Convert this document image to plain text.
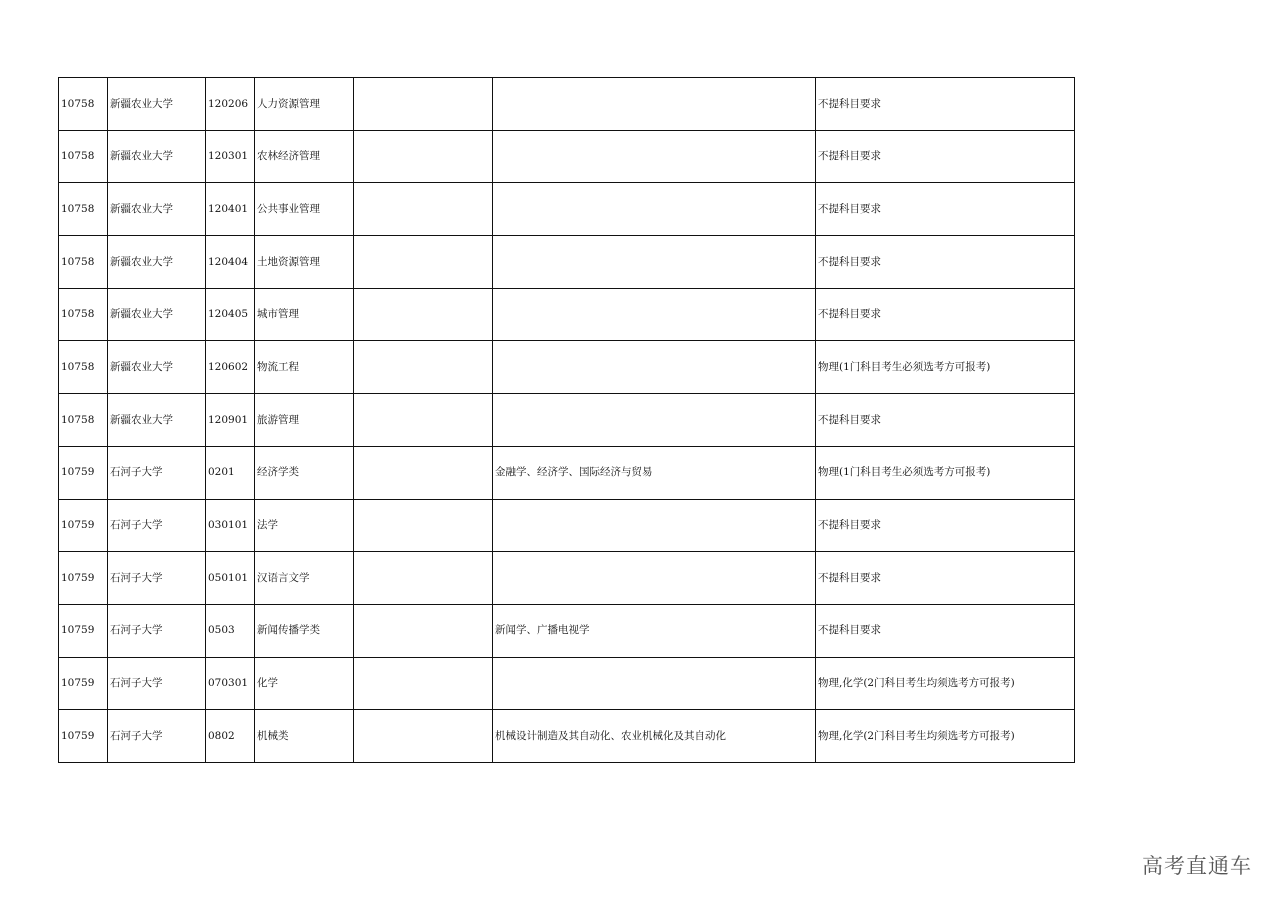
10758	新疆农业大学	120206	人力资源管理			不提科目要求
10758	新疆农业大学	120301	农林经济管理			不提科目要求
10758	新疆农业大学	120401	公共事业管理			不提科目要求
10758	新疆农业大学	120404	土地资源管理			不提科目要求
10758	新疆农业大学	120405	城市管理			不提科目要求
10758	新疆农业大学	120602	物流工程			物理(1门科目考生必须选考方可报考)
10758	新疆农业大学	120901	旅游管理			不提科目要求
10759	石河子大学	0201	经济学类		金融学、经济学、国际经济与贸易	物理(1门科目考生必须选考方可报考)
10759	石河子大学	030101	法学			不提科目要求
10759	石河子大学	050101	汉语言文学			不提科目要求
10759	石河子大学	0503	新闻传播学类		新闻学、广播电视学	不提科目要求
10759	石河子大学	070301	化学			物理,化学(2门科目考生均须选考方可报考)
10759	石河子大学	0802	机械类		机械设计制造及其自动化、农业机械化及其自动化	物理,化学(2门科目考生均须选考方可报考)
高考直通车
